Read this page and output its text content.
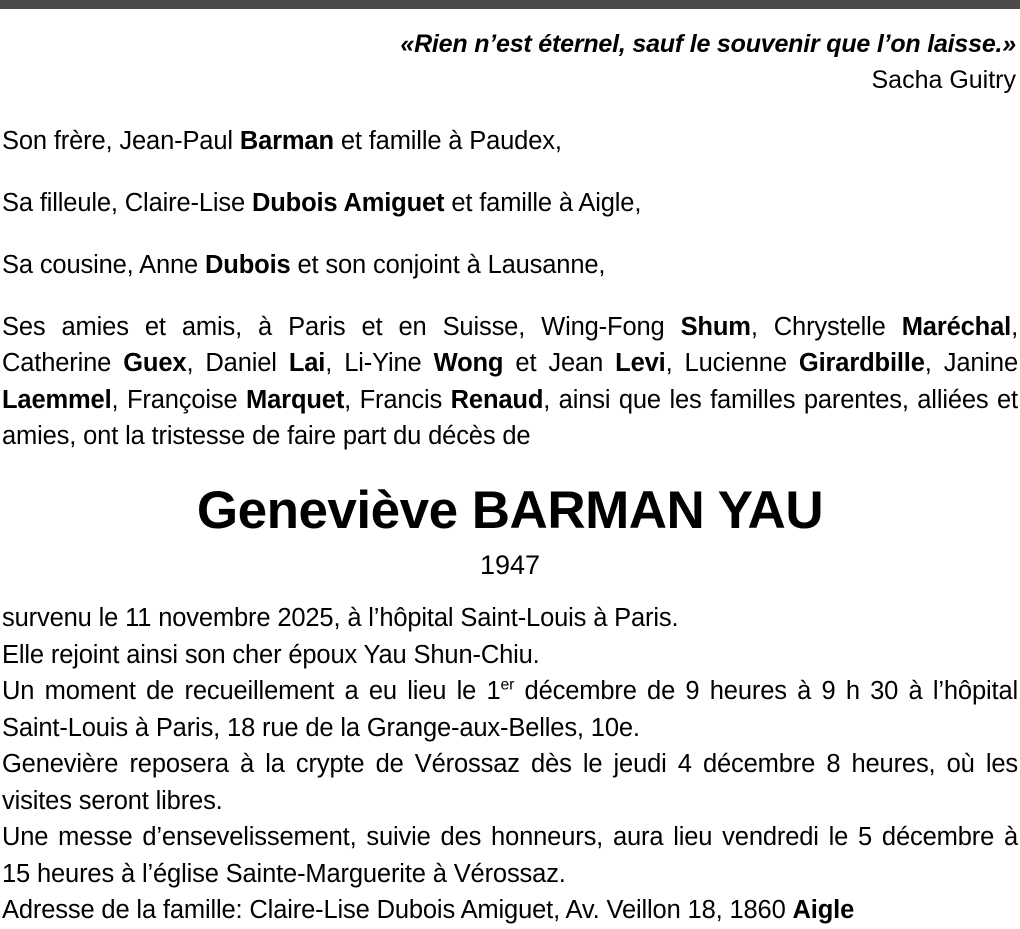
«Rien n’est éternel, sauf le souvenir que l’on laisse.»
Sacha Guitry

Son frère, Jean-Paul Barman et famille à Paudex,

Sa filleule, Claire-Lise Dubois Amiguet et famille à Aigle,

Sa cousine, Anne Dubois et son conjoint à Lausanne,

Ses amies et amis, à Paris et en Suisse, Wing-Fong Shum, Chrystelle Maréchal, Catherine Guex, Daniel Lai, Li-Yine Wong et Jean Levi, Lucienne Girardbille, Janine Laemmel, Françoise Marquet, Francis Renaud, ainsi que les familles parentes, alliées et amies, ont la tristesse de faire part du décès de

Geneviève BARMAN YAU
1947

survenu le 11 novembre 2025, à l’hôpital Saint-Louis à Paris.

Elle rejoint ainsi son cher époux Yau Shun-Chiu.

Un moment de recueillement a eu lieu le 1er décembre de 9 heures à 9 h 30 à l’hôpital Saint-Louis à Paris, 18 rue de la Grange-aux-Belles, 10e.

Genevière reposera à la crypte de Vérossaz dès le jeudi 4 décembre 8 heures, où les visites seront libres.

Une messe d’ensevelissement, suivie des honneurs, aura lieu vendredi le 5 décembre à 15 heures à l’église Sainte-Marguerite à Vérossaz.

Adresse de la famille: Claire-Lise Dubois Amiguet, Av. Veillon 18, 1860 Aigle
